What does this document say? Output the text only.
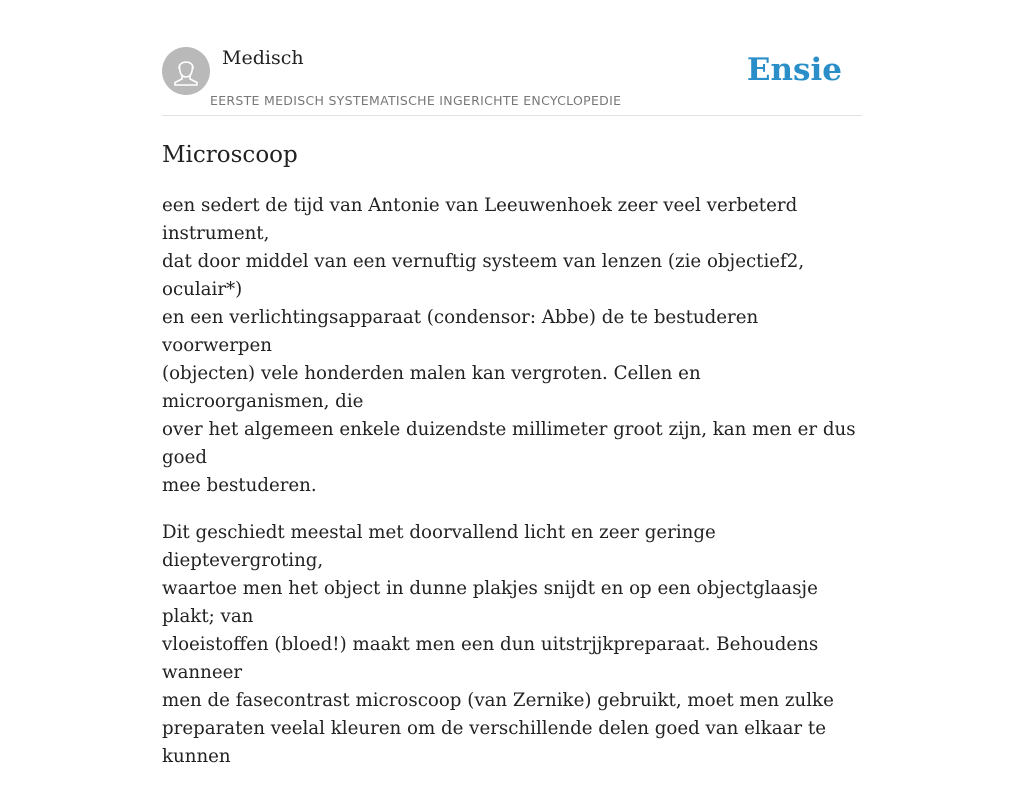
Medisch
EERSTE MEDISCH SYSTEMATISCHE INGERICHTE ENCYCLOPEDIE
Ensie
Microscoop

een sedert de tijd van Antonie van Leeuwenhoek zeer veel verbeterd instrument,
dat door middel van een vernuftig systeem van lenzen (zie objectief2, oculair*)
en een verlichtingsapparaat (condensor: Abbe) de te bestuderen voorwerpen
(objecten) vele honderden malen kan vergroten. Cellen en microorganismen, die
over het algemeen enkele duizendste millimeter groot zijn, kan men er dus goed
mee bestuderen.

Dit geschiedt meestal met doorvallend licht en zeer geringe dieptevergroting,
waartoe men het object in dunne plakjes snijdt en op een objectglaasje plakt; van
vloeistoffen (bloed!) maakt men een dun uitstrjjkpreparaat. Behoudens wanneer
men de fasecontrast microscoop (van Zernike) gebruikt, moet men zulke
preparaten veelal kleuren om de verschillende delen goed van elkaar te kunnen
